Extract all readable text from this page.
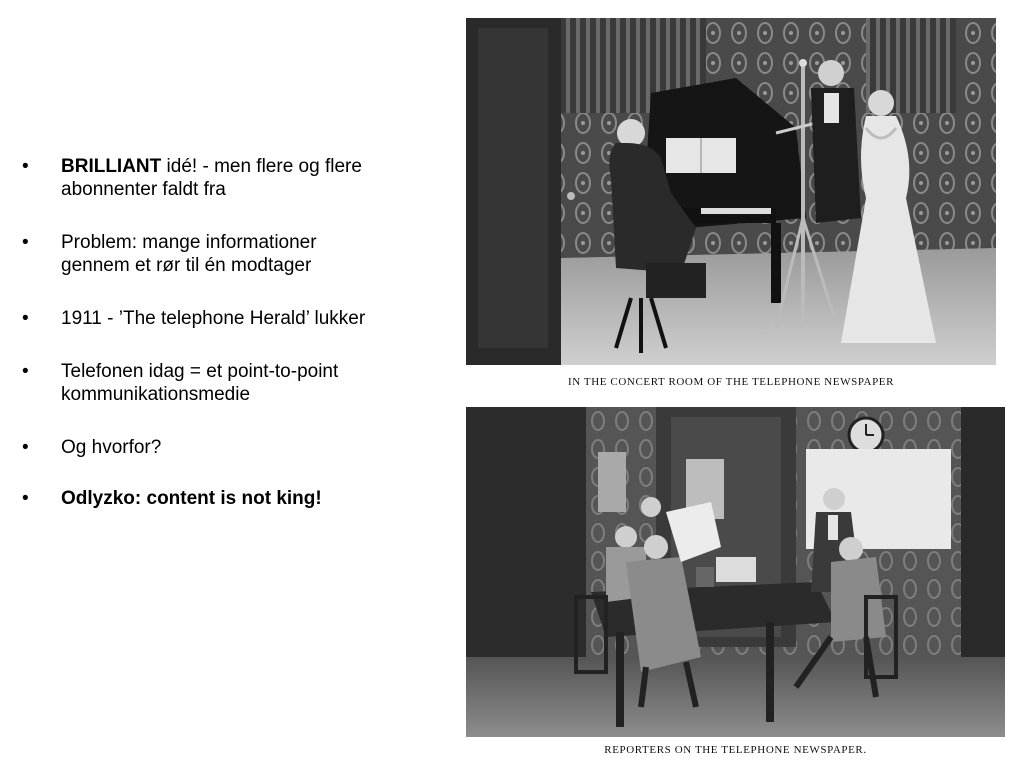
• BRILLIANT idé! - men flere og flere abonnenter faldt fra
• Problem: mange informationer gennem et rør til én modtager
• 1911 - ’The telephone Herald’ lukker
• Telefonen idag = et point-to-point kommunikationsmedie
• Og hvorfor?
• Odlyzko: content is not king!
IN THE CONCERT ROOM OF THE TELEPHONE NEWSPAPER
REPORTERS ON THE TELEPHONE NEWSPAPER.
